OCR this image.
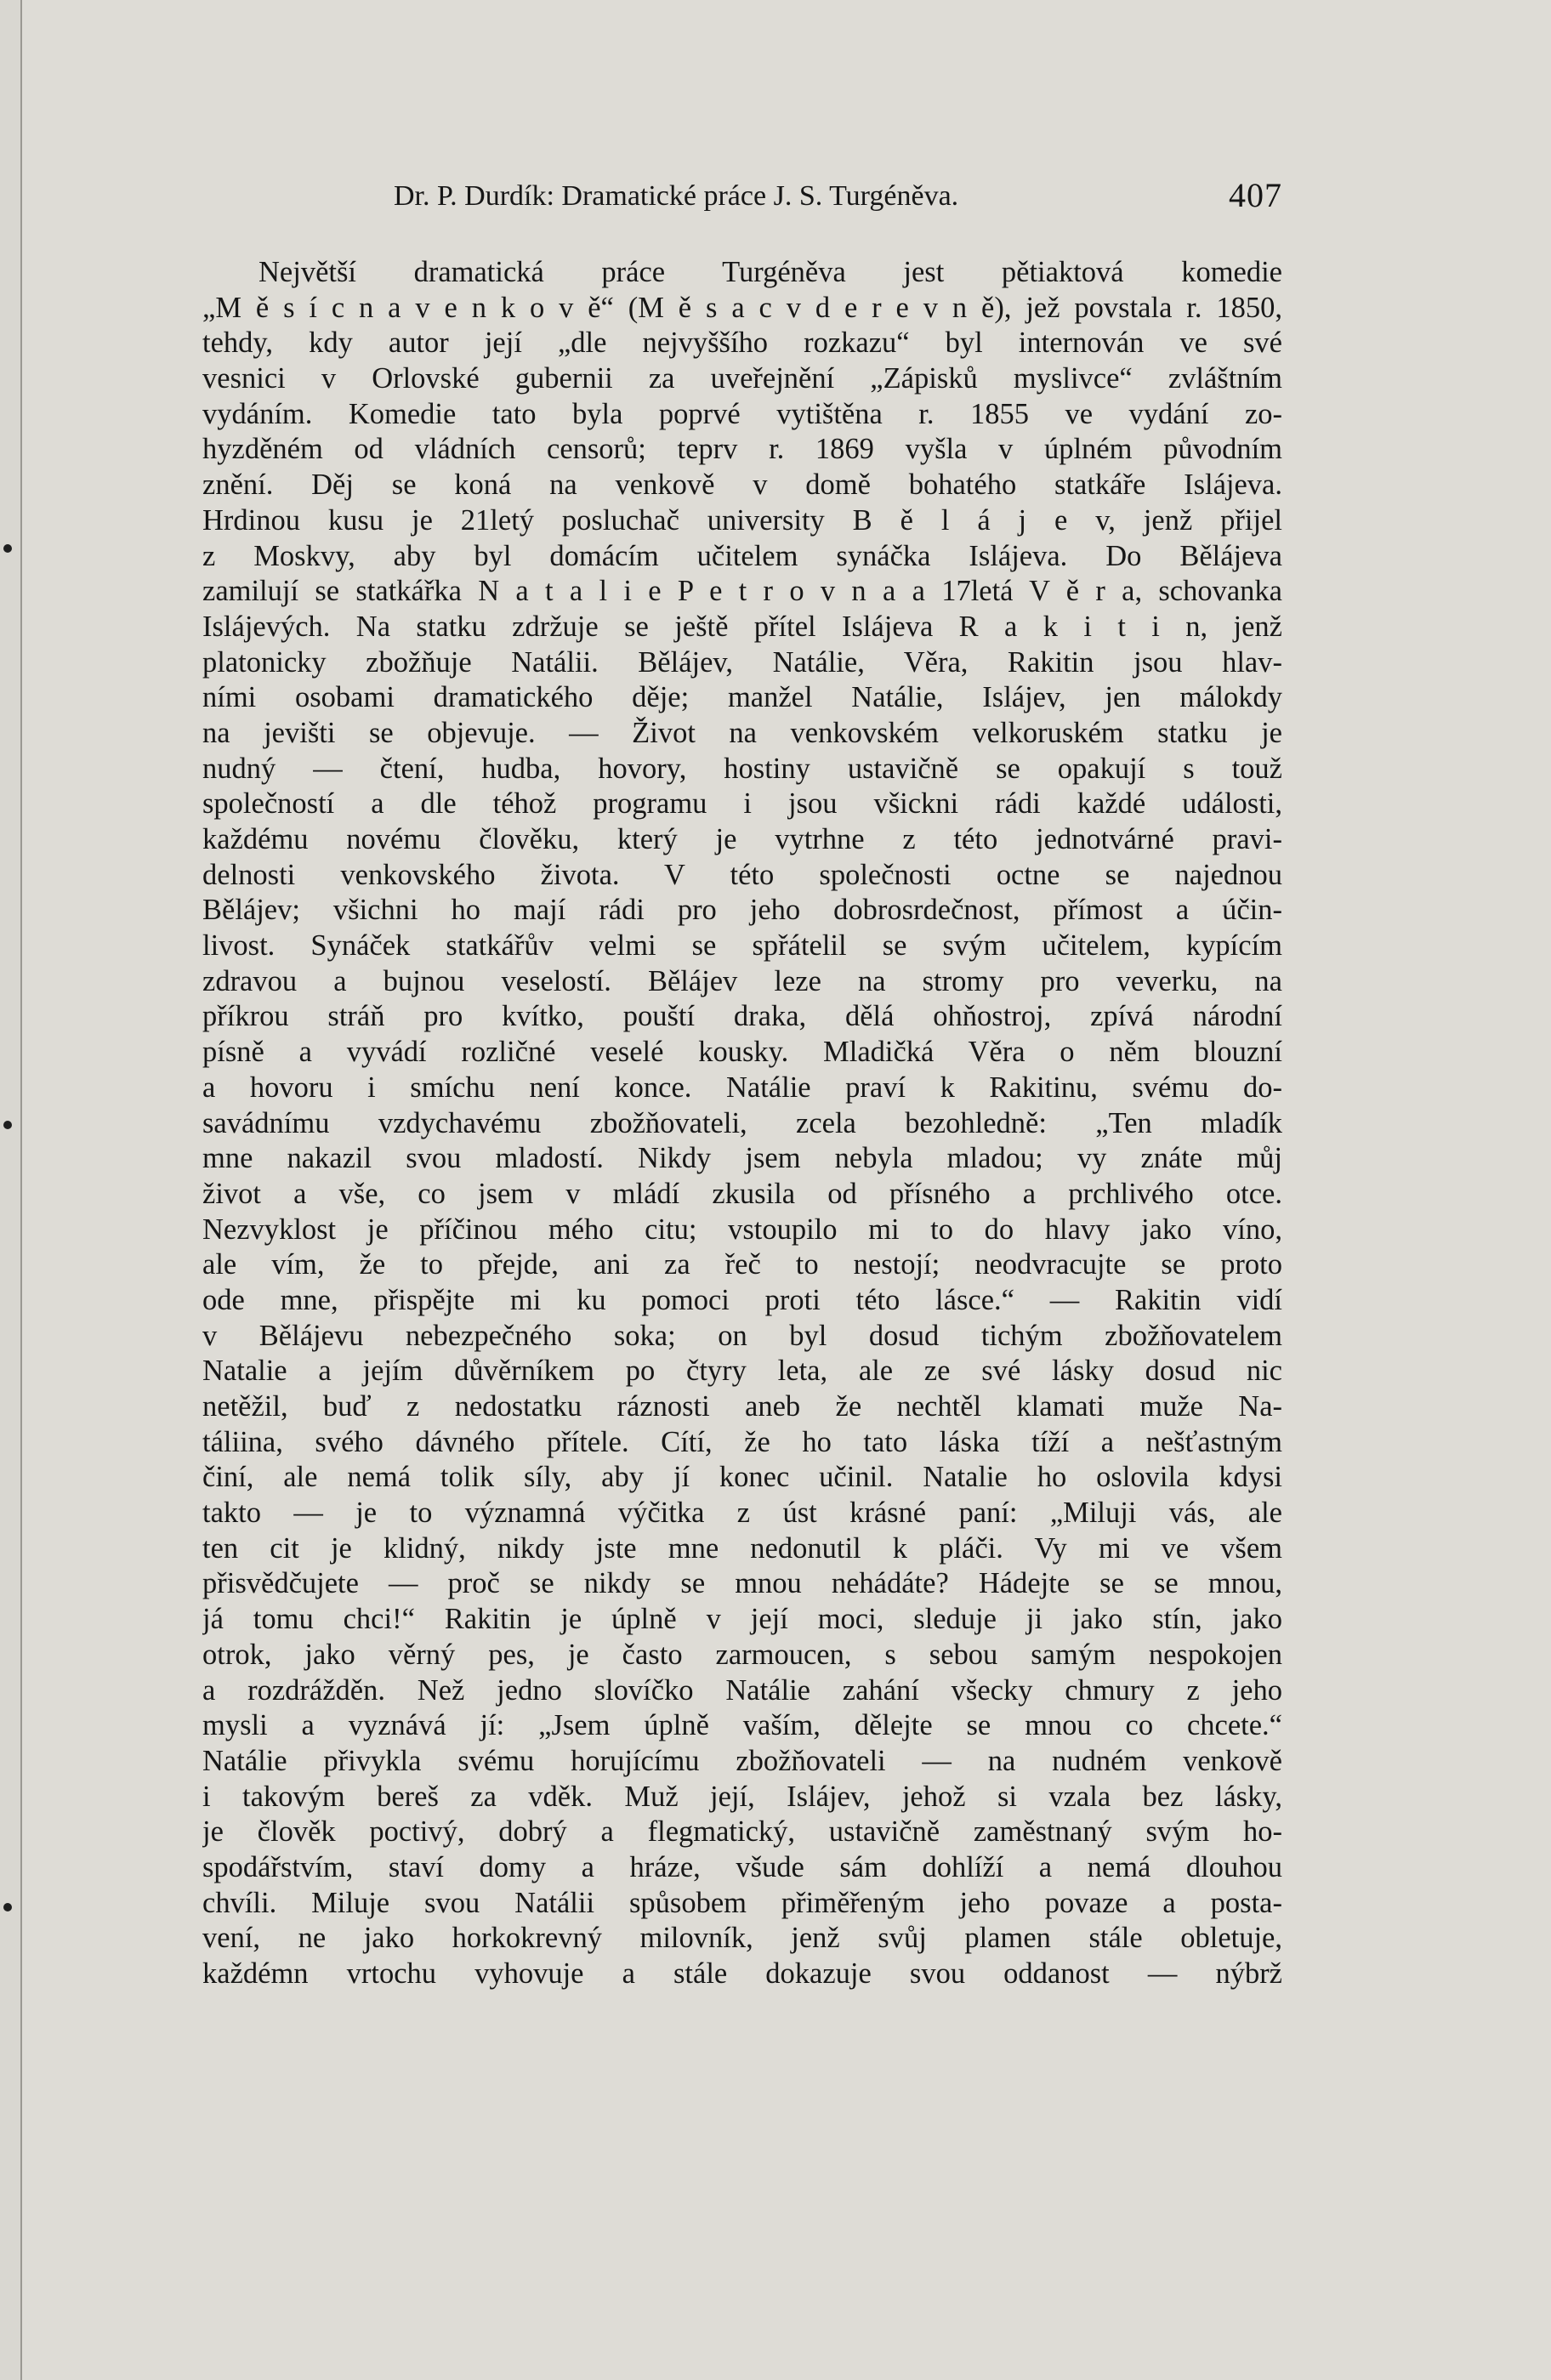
Dr. P. Durdík: Dramatické práce J. S. Turgéněva.	407
Největší dramatická práce Turgéněva jest pětiaktová komedie
„M ě s í c n a v e n k o v ě“ (M ě s a c v d e r e v n ě), jež povstala r. 1850,
tehdy, kdy autor její „dle nejvyššího rozkazu“ byl internován ve své
vesnici v Orlovské gubernii za uveřejnění „Zápisků myslivce“ zvláštním
vydáním. Komedie tato byla poprvé vytištěna r. 1855 ve vydání zo-
hyzděném od vládních censorů; teprv r. 1869 vyšla v úplném původním
znění. Děj se koná na venkově v domě bohatého statkáře Islájeva.
Hrdinou kusu je 21letý posluchač university B ě l á j e v, jenž přijel
z Moskvy, aby byl domácím učitelem synáčka Islájeva. Do Bělájeva
zamilují se statkářka N a t a l i e P e t r o v n a a 17letá V ě r a, schovanka
Islájevých. Na statku zdržuje se ještě přítel Islájeva R a k i t i n, jenž
platonicky zbožňuje Natálii. Bělájev, Natálie, Věra, Rakitin jsou hlav-
ními osobami dramatického děje; manžel Natálie, Islájev, jen málokdy
na jevišti se objevuje. — Život na venkovském velkoruském statku je
nudný — čtení, hudba, hovory, hostiny ustavičně se opakují s touž
společností a dle téhož programu i jsou všickni rádi každé události,
každému novému člověku, který je vytrhne z této jednotvárné pravi-
delnosti venkovského života. V této společnosti octne se najednou
Bělájev; všichni ho mají rádi pro jeho dobrosrdečnost, přímost a účin-
livost. Synáček statkářův velmi se spřátelil se svým učitelem, kypícím
zdravou a bujnou veselostí. Bělájev leze na stromy pro veverku, na
příkrou stráň pro kvítko, pouští draka, dělá ohňostroj, zpívá národní
písně a vyvádí rozličné veselé kousky. Mladičká Věra o něm blouzní
a hovoru i smíchu není konce. Natálie praví k Rakitinu, svému do-
savádnímu vzdychavému zbožňovateli, zcela bezohledně: „Ten mladík
mne nakazil svou mladostí. Nikdy jsem nebyla mladou; vy znáte můj
život a vše, co jsem v mládí zkusila od přísného a prchlivého otce.
Nezvyklost je příčinou mého citu; vstoupilo mi to do hlavy jako víno,
ale vím, že to přejde, ani za řeč to nestojí; neodvracujte se proto
ode mne, přispějte mi ku pomoci proti této lásce.“ — Rakitin vidí
v Bělájevu nebezpečného soka; on byl dosud tichým zbožňovatelem
Natalie a jejím důvěrníkem po čtyry leta, ale ze své lásky dosud nic
netěžil, buď z nedostatku ráznosti aneb že nechtěl klamati muže Na-
táliina, svého dávného přítele. Cítí, že ho tato láska tíží a nešťastným
činí, ale nemá tolik síly, aby jí konec učinil. Natalie ho oslovila kdysi
takto — je to významná výčitka z úst krásné paní: „Miluji vás, ale
ten cit je klidný, nikdy jste mne nedonutil k pláči. Vy mi ve všem
přisvědčujete — proč se nikdy se mnou nehádáte? Hádejte se se mnou,
já tomu chci!“ Rakitin je úplně v její moci, sleduje ji jako stín, jako
otrok, jako věrný pes, je často zarmoucen, s sebou samým nespokojen
a rozdrážděn. Než jedno slovíčko Natálie zahání všecky chmury z jeho
mysli a vyznává jí: „Jsem úplně vaším, dělejte se mnou co chcete.“
Natálie přivykla svému horujícímu zbožňovateli — na nudném venkově
i takovým bereš za vděk. Muž její, Islájev, jehož si vzala bez lásky,
je člověk poctivý, dobrý a flegmatický, ustavičně zaměstnaný svým ho-
spodářstvím, staví domy a hráze, všude sám dohlíží a nemá dlouhou
chvíli. Miluje svou Natálii spůsobem přiměřeným jeho povaze a posta-
vení, ne jako horkokrevný milovník, jenž svůj plamen stále obletuje,
každémn vrtochu vyhovuje a stále dokazuje svou oddanost — nýbrž
